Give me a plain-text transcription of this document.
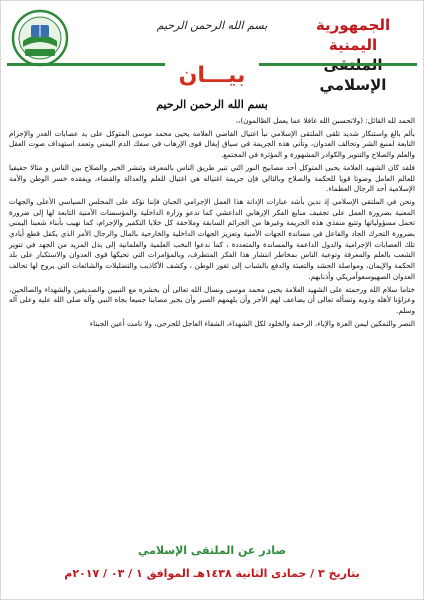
الجمهورية اليمنية
الإسلامي
بسم الله الرحمن الرحيم
بيـــان
بسم الله الرحمن الرحيم

الحمد لله القائل: (ولاتحسبن الله غافلا عما يعمل الظالمون)،،

بألم بالغ واستنكار شديد تلقى الملتقى الإسلامي نبأ اغتيال القاضي العلامة يحيى محمد موسى المتوكل على يد عصابات الغدر والإجرام التابعة لمنبع الشر وتحالف العدوان، وتأتي هذه الجريمة في سياق إيغال قوى الإرهاب في سفك الدم اليمني وتعمد استهداف صوت العقل والعلم والصلاح والتنوير والكوادر المشهورة و المؤثرة في المجتمع.

فلقد كان الشهيد العلامة يحيى المتوكل أحد مصابيح النور التي تنير طريق الناس بالمعرفة وتنشر الخير والصلاح بين الناس و مثالا حقيقيا للعالم العامل وصوتا قويا للحكمة والصلاح وبالتالي فإن جريمة اغتياله هي اغتيال للعلم والعدالة والقضاء، ويفقده خسر الوطن والأمة الإسلامية أحد الرجال العظماء.

ونحن في الملتقى الإسلامي إذ ندين بأشد عبارات الإدانة هذا العمل الإجرامي الجبان فإننا نؤكد على المجلس السياسي الأعلى والجهات المعنية بضرورة العمل على تجفيف منابع الفكر الإرهابي الداعشي كما ندعو وزارة الداخلية والمؤسسات الأمنية التابعة لها إلى ضرورة تحمل مسؤولياتها وتتبع منفذي هذه الجريمة وغيرها من الجرائم السابقة وملاحقة كل خلايا التكفير والإجرام، كما نهيب بأبناء شعبنا اليمني بضرورة التحرك الجاد والفاعل في مساندة الجهات الأمنية وتعزيز الجهات الداخلية والخارجية بالمال والرجال الأمر الذي يكفل قطع أيادي تلك العصابات الإجرامية والدول الداعمة والمساندة والمتعددة ، كما ندعوا النخب العلمية والعلمانية إلى بذل المزيد من الجهد في تنوير الشعب بالعلم والمعرفة وتوعية الناس بمخاطر انتشار هذا الفكر المتطرف، وبالمؤامرات التي تحيكها قوى العدوان والاستكبار على بلد الحكمة والإيمان، ومواصلة الحشد والتعبئة والدفع بالشباب إلى ثغور الوطن ، وكشف الأكاذيب والتضليلات والشائعات التي يروج لها تحالف العدوان الصهيوسعوأمريكي وأذنابهم.

ختاما سلام الله ورحمته على الشهيد العلامة يحيى محمد موسى ونسال الله تعالى أن يحشره مع النبيين والصديقين والشهداء والصالحين، وعزاؤنا لأهله وذويه وتسأله تعالى أن يضاعف لهم الأجر وأن يلهمهم الصبر وأن يجبر مصابنا جميعا بجاه النبي وآله صلى الله عليه وعلى آله وسلم.

النصر والتمكين ليمن العزة والإباء، الرحمة والخلود لكل الشهداء، الشفاء العاجل للجرحى، ولا نامت أعين الجبناء

صادر عن الملتقى الإسلامي
بتاريخ ٣ / جمادى الثانية ١٤٣٨هـ الموافق ١ / ٠٣ / ٢٠١٧م
